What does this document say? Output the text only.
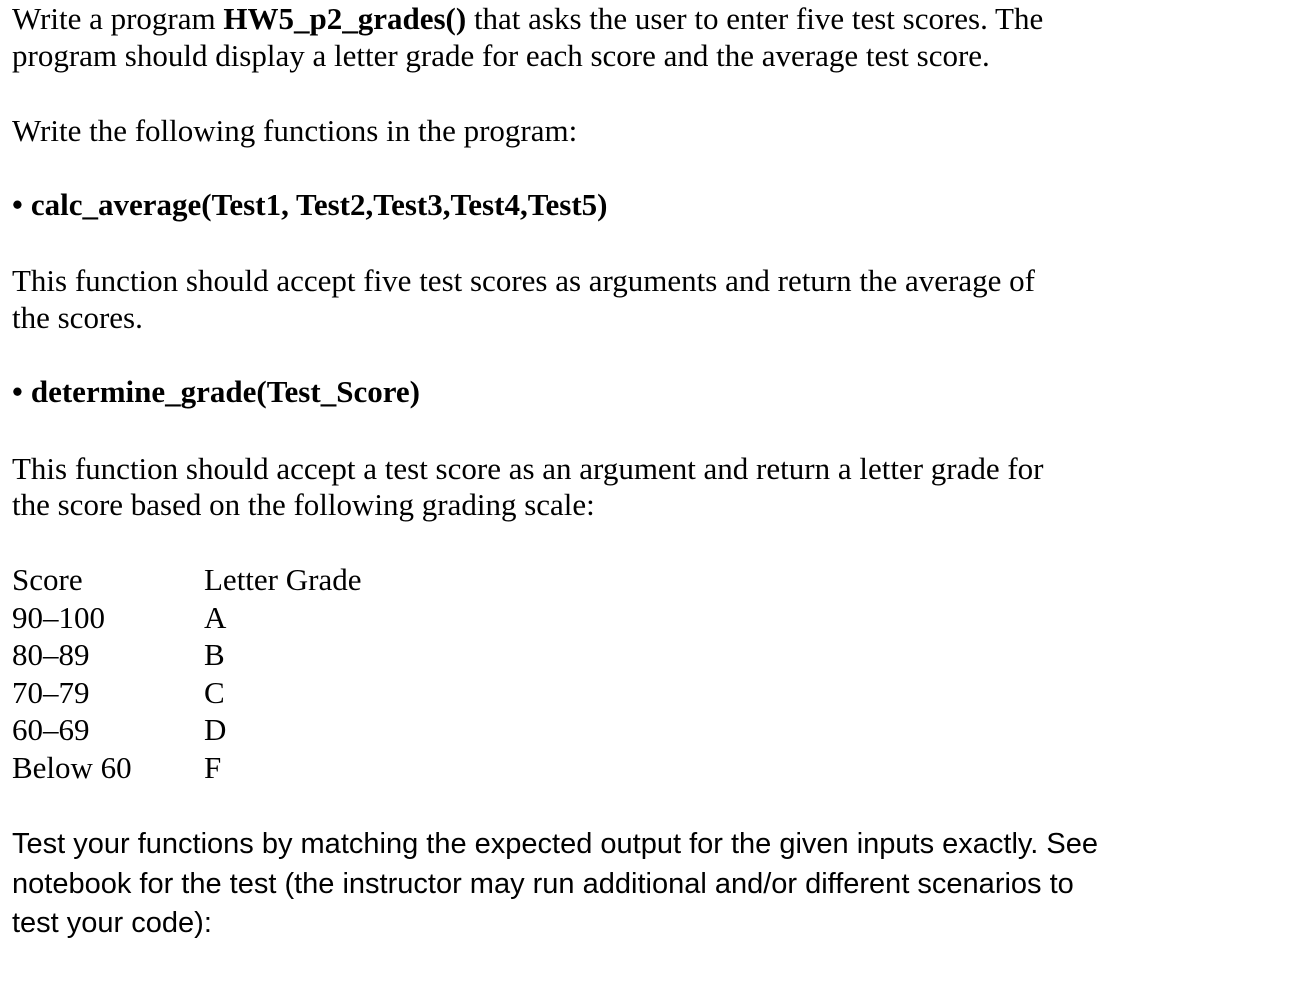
Write a program HW5_p2_grades() that asks the user to enter five test scores. The
program should display a letter grade for each score and the average test score.
Write the following functions in the program:
• calc_average(Test1, Test2,Test3,Test4,Test5)
This function should accept five test scores as arguments and return the average of
the scores.
• determine_grade(Test_Score)
This function should accept a test score as an argument and return a letter grade for
the score based on the following grading scale:
Score	Letter Grade
90–100	A
80–89	B
70–79	C
60–69	D
Below 60	F
Test your functions by matching the expected output for the given inputs exactly. See
notebook for the test (the instructor may run additional and/or different scenarios to
test your code):
